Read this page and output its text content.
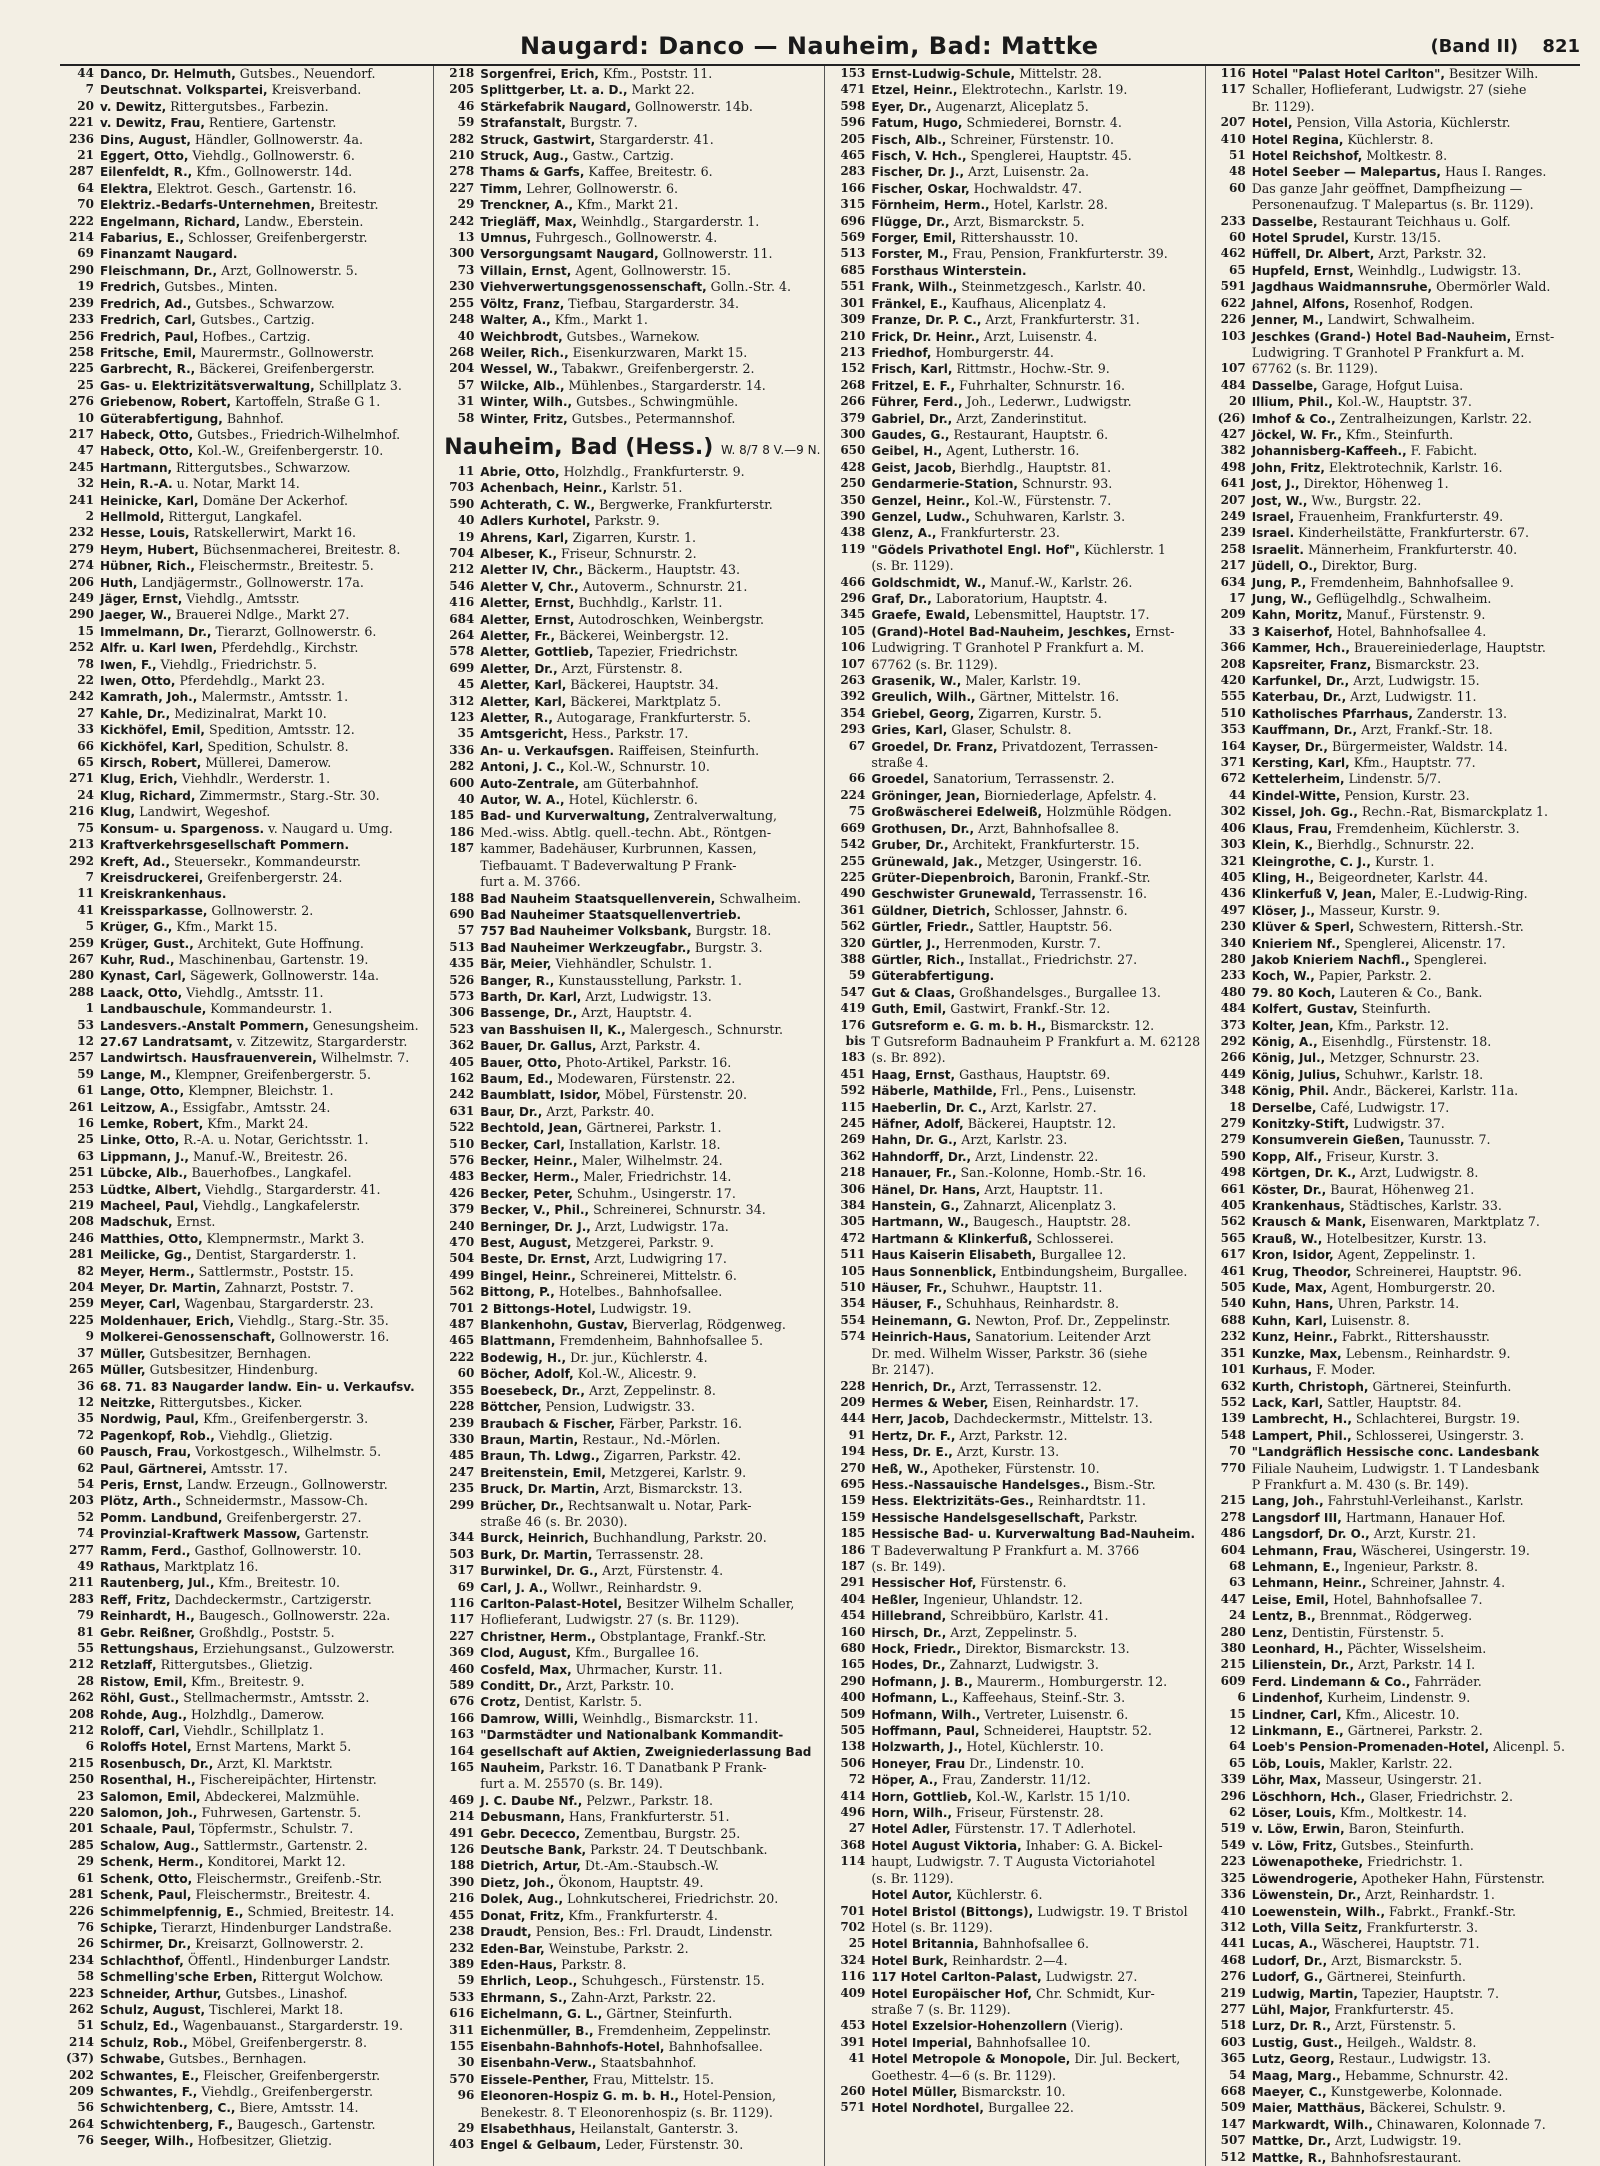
Naugard: Danco — Nauheim, Bad: Mattke	(Band II) 821
44 Danco, Dr. Helmuth, Gutsbes., Neuendorf.
7 Deutschnat. Volkspartei, Kreisverband.
20 v. Dewitz, Rittergutsbes., Farbezin.
221 v. Dewitz, Frau, Rentiere, Gartenstr.
236 Dins, August, Händler, Gollnowerstr. 4a.
21 Eggert, Otto, Viehdlg., Gollnowerstr. 6.
287 Eilenfeldt, R., Kfm., Gollnowerstr. 14d.
64 Elektra, Elektrot. Gesch., Gartenstr. 16.
70 Elektriz.-Bedarfs-Unternehmen, Breitestr.
222 Engelmann, Richard, Landw., Eberstein.
214 Fabarius, E., Schlosser, Greifenbergerstr.
69 Finanzamt Naugard.
290 Fleischmann, Dr., Arzt, Gollnowerstr. 5.
19 Fredrich, Gutsbes., Minten.
239 Fredrich, Ad., Gutsbes., Schwarzow.
233 Fredrich, Carl, Gutsbes., Cartzig.
256 Fredrich, Paul, Hofbes., Cartzig.
258 Fritsche, Emil, Maurermstr., Gollnowerstr.
225 Garbrecht, R., Bäckerei, Greifenbergerstr.
25 Gas- u. Elektrizitätsverwaltung, Schillplatz 3.
276 Griebenow, Robert, Kartoffeln, Straße G 1.
10 Güterabfertigung, Bahnhof.
217 Habeck, Otto, Gutsbes., Friedrich-Wilhelmhof.
47 Habeck, Otto, Kol.-W., Greifenbergerstr. 10.
245 Hartmann, Rittergutsbes., Schwarzow.
32 Hein, R.-A. u. Notar, Markt 14.
241 Heinicke, Karl, Domäne Der Ackerhof.
2 Hellmold, Rittergut, Langkafel.
232 Hesse, Louis, Ratskellerwirt, Markt 16.
279 Heym, Hubert, Büchsenmacherei, Breitestr. 8.
274 Hübner, Rich., Fleischermstr., Breitestr. 5.
206 Huth, Landjägermstr., Gollnowerstr. 17a.
249 Jäger, Ernst, Viehdlg., Amtsstr.
290 Jaeger, W., Brauerei Ndlge., Markt 27.
15 Immelmann, Dr., Tierarzt, Gollnowerstr. 6.
252 Alfr. u. Karl Iwen, Pferdehdlg., Kirchstr.
78 Iwen, F., Viehdlg., Friedrichstr. 5.
22 Iwen, Otto, Pferdehdlg., Markt 23.
242 Kamrath, Joh., Malermstr., Amtsstr. 1.
27 Kahle, Dr., Medizinalrat, Markt 10.
33 Kickhöfel, Emil, Spedition, Amtsstr. 12.
66 Kickhöfel, Karl, Spedition, Schulstr. 8.
65 Kirsch, Robert, Müllerei, Damerow.
271 Klug, Erich, Viehhdlr., Werderstr. 1.
24 Klug, Richard, Zimmermstr., Starg.-Str. 30.
216 Klug, Landwirt, Wegeshof.
75 Konsum- u. Spargenoss. v. Naugard u. Umg.
213 Kraftverkehrsgesellschaft Pommern.
292 Kreft, Ad., Steuersekr., Kommandeurstr.
7 Kreisdruckerei, Greifenbergerstr. 24.
11 Kreiskrankenhaus.
41 Kreissparkasse, Gollnowerstr. 2.
5 Krüger, G., Kfm., Markt 15.
259 Krüger, Gust., Architekt, Gute Hoffnung.
267 Kuhr, Rud., Maschinenbau, Gartenstr. 19.
280 Kynast, Carl, Sägewerk, Gollnowerstr. 14a.
288 Laack, Otto, Viehdlg., Amtsstr. 11.
1 Landbauschule, Kommandeurstr. 1.
53 Landesvers.-Anstalt Pommern, Genesungsheim.
12 27.67 Landratsamt, v. Zitzewitz, Stargarderstr.
257 Landwirtsch. Hausfrauenverein, Wilhelmstr. 7.
59 Lange, M., Klempner, Greifenbergerstr. 5.
61 Lange, Otto, Klempner, Bleichstr. 1.
261 Leitzow, A., Essigfabr., Amtsstr. 24.
16 Lemke, Robert, Kfm., Markt 24.
25 Linke, Otto, R.-A. u. Notar, Gerichtsstr. 1.
63 Lippmann, J., Manuf.-W., Breitestr. 26.
251 Lübcke, Alb., Bauerhofbes., Langkafel.
253 Lüdtke, Albert, Viehdlg., Stargarderstr. 41.
219 Macheel, Paul, Viehdlg., Langkafelerstr.
208 Madschuk, Ernst.
246 Matthies, Otto, Klempnermstr., Markt 3.
281 Meilicke, Gg., Dentist, Stargarderstr. 1.
82 Meyer, Herm., Sattlermstr., Poststr. 15.
204 Meyer, Dr. Martin, Zahnarzt, Poststr. 7.
259 Meyer, Carl, Wagenbau, Stargarderstr. 23.
225 Moldenhauer, Erich, Viehdlg., Starg.-Str. 35.
9 Molkerei-Genossenschaft, Gollnowerstr. 16.
37 Müller, Gutsbesitzer, Bernhagen.
265 Müller, Gutsbesitzer, Hindenburg.
36 68. 71. 83 Naugarder landw. Ein- u. Verkaufsv.
12 Neitzke, Rittergutsbes., Kicker.
35 Nordwig, Paul, Kfm., Greifenbergerstr. 3.
72 Pagenkopf, Rob., Viehdlg., Glietzig.
60 Pausch, Frau, Vorkostgesch., Wilhelmstr. 5.
62 Paul, Gärtnerei, Amtsstr. 17.
54 Peris, Ernst, Landw. Erzeugn., Gollnowerstr.
203 Plötz, Arth., Schneidermstr., Massow-Ch.
52 Pomm. Landbund, Greifenbergerstr. 27.
74 Provinzial-Kraftwerk Massow, Gartenstr.
277 Ramm, Ferd., Gasthof, Gollnowerstr. 10.
49 Rathaus, Marktplatz 16.
211 Rautenberg, Jul., Kfm., Breitestr. 10.
283 Reff, Fritz, Dachdeckermstr., Cartzigerstr.
79 Reinhardt, H., Baugesch., Gollnowerstr. 22a.
81 Gebr. Reißner, Großhdlg., Poststr. 5.
55 Rettungshaus, Erziehungsanst., Gulzowerstr.
212 Retzlaff, Rittergutsbes., Glietzig.
28 Ristow, Emil, Kfm., Breitestr. 9.
262 Röhl, Gust., Stellmachermstr., Amtsstr. 2.
208 Rohde, Aug., Holzhdlg., Damerow.
212 Roloff, Carl, Viehdlr., Schillplatz 1.
6 Roloffs Hotel, Ernst Martens, Markt 5.
215 Rosenbusch, Dr., Arzt, Kl. Marktstr.
250 Rosenthal, H., Fischereipächter, Hirtenstr.
23 Salomon, Emil, Abdeckerei, Malzmühle.
220 Salomon, Joh., Fuhrwesen, Gartenstr. 5.
201 Schaale, Paul, Töpfermstr., Schulstr. 7.
285 Schalow, Aug., Sattlermstr., Gartenstr. 2.
29 Schenk, Herm., Konditorei, Markt 12.
61 Schenk, Otto, Fleischermstr., Greifenb.-Str.
281 Schenk, Paul, Fleischermstr., Breitestr. 4.
226 Schimmelpfennig, E., Schmied, Breitestr. 14.
76 Schipke, Tierarzt, Hindenburger Landstraße.
26 Schirmer, Dr., Kreisarzt, Gollnowerstr. 2.
234 Schlachthof, Öffentl., Hindenburger Landstr.
58 Schmelling'sche Erben, Rittergut Wolchow.
223 Schneider, Arthur, Gutsbes., Linashof.
262 Schulz, August, Tischlerei, Markt 18.
51 Schulz, Ed., Wagenbauanst., Stargarderstr. 19.
214 Schulz, Rob., Möbel, Greifenbergerstr. 8.
(37) Schwabe, Gutsbes., Bernhagen.
202 Schwantes, E., Fleischer, Greifenbergerstr.
209 Schwantes, F., Viehdlg., Greifenbergerstr.
56 Schwichtenberg, C., Biere, Amtsstr. 14.
264 Schwichtenberg, F., Baugesch., Gartenstr.
76 Seeger, Wilh., Hofbesitzer, Glietzig.
218 Sorgenfrei, Erich, Kfm., Poststr. 11.
205 Splittgerber, Lt. a. D., Markt 22.
46 Stärkefabrik Naugard, Gollnowerstr. 14b.
59 Strafanstalt, Burgstr. 7.
282 Struck, Gastwirt, Stargarderstr. 41.
210 Struck, Aug., Gastw., Cartzig.
278 Thams & Garfs, Kaffee, Breitestr. 6.
227 Timm, Lehrer, Gollnowerstr. 6.
29 Trenckner, A., Kfm., Markt 21.
242 Triegläff, Max, Weinhdlg., Stargarderstr. 1.
13 Umnus, Fuhrgesch., Gollnowerstr. 4.
300 Versorgungsamt Naugard, Gollnowerstr. 11.
73 Villain, Ernst, Agent, Gollnowerstr. 15.
230 Viehverwertungsgenossenschaft, Golln.-Str. 4.
255 Völtz, Franz, Tiefbau, Stargarderstr. 34.
248 Walter, A., Kfm., Markt 1.
40 Weichbrodt, Gutsbes., Warnekow.
268 Weiler, Rich., Eisenkurzwaren, Markt 15.
204 Wessel, W., Tabakwr., Greifenbergerstr. 2.
57 Wilcke, Alb., Mühlenbes., Stargarderstr. 14.
31 Winter, Wilh., Gutsbes., Schwingmühle.
58 Winter, Fritz, Gutsbes., Petermannshof.
Nauheim, Bad (Hess.) W. 8/7 8 V.—9 N.
11 Abrie, Otto, Holzhdlg., Frankfurterstr. 9.
703 Achenbach, Heinr., Karlstr. 51.
590 Achterath, C. W., Bergwerke, Frankfurterstr.
40 Adlers Kurhotel, Parkstr. 9.
19 Ahrens, Karl, Zigarren, Kurstr. 1.
704 Albeser, K., Friseur, Schnurstr. 2.
212 Aletter IV, Chr., Bäckerm., Hauptstr. 43.
546 Aletter V, Chr., Autoverm., Schnurstr. 21.
416 Aletter, Ernst, Buchhdlg., Karlstr. 11.
684 Aletter, Ernst, Autodroschken, Weinbergstr.
264 Aletter, Fr., Bäckerei, Weinbergstr. 12.
578 Aletter, Gottlieb, Tapezier, Friedrichstr.
699 Aletter, Dr., Arzt, Fürstenstr. 8.
45 Aletter, Karl, Bäckerei, Hauptstr. 34.
312 Aletter, Karl, Bäckerei, Marktplatz 5.
123 Aletter, R., Autogarage, Frankfurterstr. 5.
35 Amtsgericht, Hess., Parkstr. 17.
336 An- u. Verkaufsgen. Raiffeisen, Steinfurth.
282 Antoni, J. C., Kol.-W., Schnurstr. 10.
600 Auto-Zentrale, am Güterbahnhof.
40 Autor, W. A., Hotel, Küchlerstr. 6.
185 Bad- und Kurverwaltung, Zentralverwaltung,
186 Med.-wiss. Abtlg. quell.-techn. Abt., Röntgen-
187 kammer, Badehäuser, Kurbrunnen, Kassen,
Tiefbauamt. T Badeverwaltung P Frank-
furt a. M. 3766.
188 Bad Nauheim Staatsquellenverein, Schwalheim.
690 Bad Nauheimer Staatsquellenvertrieb.
57 757 Bad Nauheimer Volksbank, Burgstr. 18.
513 Bad Nauheimer Werkzeugfabr., Burgstr. 3.
435 Bär, Meier, Viehhändler, Schulstr. 1.
526 Banger, R., Kunstausstellung, Parkstr. 1.
573 Barth, Dr. Karl, Arzt, Ludwigstr. 13.
306 Bassenge, Dr., Arzt, Hauptstr. 4.
523 van Basshuisen II, K., Malergesch., Schnurstr.
362 Bauer, Dr. Gallus, Arzt, Parkstr. 4.
405 Bauer, Otto, Photo-Artikel, Parkstr. 16.
162 Baum, Ed., Modewaren, Fürstenstr. 22.
242 Baumblatt, Isidor, Möbel, Fürstenstr. 20.
631 Baur, Dr., Arzt, Parkstr. 40.
522 Bechtold, Jean, Gärtnerei, Parkstr. 1.
510 Becker, Carl, Installation, Karlstr. 18.
576 Becker, Heinr., Maler, Wilhelmstr. 24.
483 Becker, Herm., Maler, Friedrichstr. 14.
426 Becker, Peter, Schuhm., Usingerstr. 17.
379 Becker, V., Phil., Schreinerei, Schnurstr. 34.
240 Berninger, Dr. J., Arzt, Ludwigstr. 17a.
470 Best, August, Metzgerei, Parkstr. 9.
504 Beste, Dr. Ernst, Arzt, Ludwigring 17.
499 Bingel, Heinr., Schreinerei, Mittelstr. 6.
562 Bittong, P., Hotelbes., Bahnhofsallee.
701 2 Bittongs-Hotel, Ludwigstr. 19.
487 Blankenhohn, Gustav, Bierverlag, Rödgenweg.
465 Blattmann, Fremdenheim, Bahnhofsallee 5.
222 Bodewig, H., Dr. jur., Küchlerstr. 4.
60 Böcher, Adolf, Kol.-W., Alicestr. 9.
355 Boesebeck, Dr., Arzt, Zeppelinstr. 8.
228 Böttcher, Pension, Ludwigstr. 33.
239 Braubach & Fischer, Färber, Parkstr. 16.
330 Braun, Martin, Restaur., Nd.-Mörlen.
485 Braun, Th. Ldwg., Zigarren, Parkstr. 42.
247 Breitenstein, Emil, Metzgerei, Karlstr. 9.
235 Bruck, Dr. Martin, Arzt, Bismarckstr. 13.
299 Brücher, Dr., Rechtsanwalt u. Notar, Park-
straße 46 (s. Br. 2030).
344 Burck, Heinrich, Buchhandlung, Parkstr. 20.
503 Burk, Dr. Martin, Terrassenstr. 28.
317 Burwinkel, Dr. G., Arzt, Fürstenstr. 4.
69 Carl, J. A., Wollwr., Reinhardstr. 9.
116 Carlton-Palast-Hotel, Besitzer Wilhelm Schaller,
117 Hoflieferant, Ludwigstr. 27 (s. Br. 1129).
227 Christner, Herm., Obstplantage, Frankf.-Str.
369 Clod, August, Kfm., Burgallee 16.
460 Cosfeld, Max, Uhrmacher, Kurstr. 11.
589 Conditt, Dr., Arzt, Parkstr. 10.
676 Crotz, Dentist, Karlstr. 5.
166 Damrow, Willi, Weinhdlg., Bismarckstr. 11.
163 "Darmstädter und Nationalbank Kommandit-
164 gesellschaft auf Aktien, Zweigniederlassung Bad
165 Nauheim, Parkstr. 16. T Danatbank P Frank-
furt a. M. 25570 (s. Br. 149).
469 J. C. Daube Nf., Pelzwr., Parkstr. 18.
214 Debusmann, Hans, Frankfurterstr. 51.
491 Gebr. Dececco, Zementbau, Burgstr. 25.
126 Deutsche Bank, Parkstr. 24. T Deutschbank.
188 Dietrich, Artur, Dt.-Am.-Staubsch.-W.
390 Dietz, Joh., Ökonom, Hauptstr. 49.
216 Dolek, Aug., Lohnkutscherei, Friedrichstr. 20.
455 Donat, Fritz, Kfm., Frankfurterstr. 4.
238 Draudt, Pension, Bes.: Frl. Draudt, Lindenstr.
232 Eden-Bar, Weinstube, Parkstr. 2.
389 Eden-Haus, Parkstr. 8.
59 Ehrlich, Leop., Schuhgesch., Fürstenstr. 15.
533 Ehrmann, S., Zahn-Arzt, Parkstr. 22.
616 Eichelmann, G. L., Gärtner, Steinfurth.
311 Eichenmüller, B., Fremdenheim, Zeppelinstr.
155 Eisenbahn-Bahnhofs-Hotel, Bahnhofsallee.
30 Eisenbahn-Verw., Staatsbahnhof.
570 Eissele-Penther, Frau, Mittelstr. 15.
96 Eleonoren-Hospiz G. m. b. H., Hotel-Pension,
Benekestr. 8. T Eleonorenhospiz (s. Br. 1129).
29 Elsabethhaus, Heilanstalt, Ganterstr. 3.
403 Engel & Gelbaum, Leder, Fürstenstr. 30.
153 Ernst-Ludwig-Schule, Mittelstr. 28.
471 Etzel, Heinr., Elektrotechn., Karlstr. 19.
598 Eyer, Dr., Augenarzt, Aliceplatz 5.
596 Fatum, Hugo, Schmiederei, Bornstr. 4.
205 Fisch, Alb., Schreiner, Fürstenstr. 10.
465 Fisch, V. Hch., Spenglerei, Hauptstr. 45.
283 Fischer, Dr. J., Arzt, Luisenstr. 2a.
166 Fischer, Oskar, Hochwaldstr. 47.
315 Förnheim, Herm., Hotel, Karlstr. 28.
696 Flügge, Dr., Arzt, Bismarckstr. 5.
569 Forger, Emil, Rittershausstr. 10.
513 Forster, M., Frau, Pension, Frankfurterstr. 39.
685 Forsthaus Winterstein.
551 Frank, Wilh., Steinmetzgesch., Karlstr. 40.
301 Fränkel, E., Kaufhaus, Alicenplatz 4.
309 Franze, Dr. P. C., Arzt, Frankfurterstr. 31.
210 Frick, Dr. Heinr., Arzt, Luisenstr. 4.
213 Friedhof, Homburgerstr. 44.
152 Frisch, Karl, Rittmstr., Hochw.-Str. 9.
268 Fritzel, E. F., Fuhrhalter, Schnurstr. 16.
266 Führer, Ferd., Joh., Lederwr., Ludwigstr.
379 Gabriel, Dr., Arzt, Zanderinstitut.
300 Gaudes, G., Restaurant, Hauptstr. 6.
650 Geibel, H., Agent, Lutherstr. 16.
428 Geist, Jacob, Bierhdlg., Hauptstr. 81.
250 Gendarmerie-Station, Schnurstr. 93.
350 Genzel, Heinr., Kol.-W., Fürstenstr. 7.
390 Genzel, Ludw., Schuhwaren, Karlstr. 3.
438 Glenz, A., Frankfurterstr. 23.
119 "Gödels Privathotel Engl. Hof", Küchlerstr. 1
(s. Br. 1129).
466 Goldschmidt, W., Manuf.-W., Karlstr. 26.
296 Graf, Dr., Laboratorium, Hauptstr. 4.
345 Graefe, Ewald, Lebensmittel, Hauptstr. 17.
105 (Grand)-Hotel Bad-Nauheim, Jeschkes, Ernst-
106 Ludwigring. T Granhotel P Frankfurt a. M.
107 67762 (s. Br. 1129).
263 Grasenik, W., Maler, Karlstr. 19.
392 Greulich, Wilh., Gärtner, Mittelstr. 16.
354 Griebel, Georg, Zigarren, Kurstr. 5.
293 Gries, Karl, Glaser, Schulstr. 8.
67 Groedel, Dr. Franz, Privatdozent, Terrassen-
straße 4.
66 Groedel, Sanatorium, Terrassenstr. 2.
224 Gröninger, Jean, Biorniederlage, Apfelstr. 4.
75 Großwäscherei Edelweiß, Holzmühle Rödgen.
669 Grothusen, Dr., Arzt, Bahnhofsallee 8.
542 Gruber, Dr., Architekt, Frankfurterstr. 15.
255 Grünewald, Jak., Metzger, Usingerstr. 16.
225 Grüter-Diepenbroich, Baronin, Frankf.-Str.
490 Geschwister Grunewald, Terrassenstr. 16.
361 Güldner, Dietrich, Schlosser, Jahnstr. 6.
562 Gürtler, Friedr., Sattler, Hauptstr. 56.
320 Gürtler, J., Herrenmoden, Kurstr. 7.
388 Gürtler, Rich., Installat., Friedrichstr. 27.
59 Güterabfertigung.
547 Gut & Claas, Großhandelsges., Burgallee 13.
419 Guth, Emil, Gastwirt, Frankf.-Str. 12.
176 Gutsreform e. G. m. b. H., Bismarckstr. 12.
bis T Gutsreform Badnauheim P Frankfurt a. M. 62128
183 (s. Br. 892).
451 Haag, Ernst, Gasthaus, Hauptstr. 69.
592 Häberle, Mathilde, Frl., Pens., Luisenstr.
115 Haeberlin, Dr. C., Arzt, Karlstr. 27.
245 Häfner, Adolf, Bäckerei, Hauptstr. 12.
269 Hahn, Dr. G., Arzt, Karlstr. 23.
362 Hahndorff, Dr., Arzt, Lindenstr. 22.
218 Hanauer, Fr., San.-Kolonne, Homb.-Str. 16.
306 Hänel, Dr. Hans, Arzt, Hauptstr. 11.
384 Hanstein, G., Zahnarzt, Alicenplatz 3.
305 Hartmann, W., Baugesch., Hauptstr. 28.
472 Hartmann & Klinkerfuß, Schlosserei.
511 Haus Kaiserin Elisabeth, Burgallee 12.
105 Haus Sonnenblick, Entbindungsheim, Burgallee.
510 Häuser, Fr., Schuhwr., Hauptstr. 11.
354 Häuser, F., Schuhhaus, Reinhardstr. 8.
554 Heinemann, G. Newton, Prof. Dr., Zeppelinstr.
574 Heinrich-Haus, Sanatorium. Leitender Arzt
Dr. med. Wilhelm Wisser, Parkstr. 36 (siehe
Br. 2147).
228 Henrich, Dr., Arzt, Terrassenstr. 12.
209 Hermes & Weber, Eisen, Reinhardstr. 17.
444 Herr, Jacob, Dachdeckermstr., Mittelstr. 13.
91 Hertz, Dr. F., Arzt, Parkstr. 12.
194 Hess, Dr. E., Arzt, Kurstr. 13.
270 Heß, W., Apotheker, Fürstenstr. 10.
695 Hess.-Nassauische Handelsges., Bism.-Str.
159 Hess. Elektrizitäts-Ges., Reinhardtstr. 11.
159 Hessische Handelsgesellschaft, Parkstr.
185 Hessische Bad- u. Kurverwaltung Bad-Nauheim.
186 T Badeverwaltung P Frankfurt a. M. 3766
187 (s. Br. 149).
291 Hessischer Hof, Fürstenstr. 6.
404 Heßler, Ingenieur, Uhlandstr. 12.
454 Hillebrand, Schreibbüro, Karlstr. 41.
160 Hirsch, Dr., Arzt, Zeppelinstr. 5.
680 Hock, Friedr., Direktor, Bismarckstr. 13.
165 Hodes, Dr., Zahnarzt, Ludwigstr. 3.
290 Hofmann, J. B., Maurerm., Homburgerstr. 12.
400 Hofmann, L., Kaffeehaus, Steinf.-Str. 3.
509 Hofmann, Wilh., Vertreter, Luisenstr. 6.
505 Hoffmann, Paul, Schneiderei, Hauptstr. 52.
138 Holzwarth, J., Hotel, Küchlerstr. 10.
506 Honeyer, Frau Dr., Lindenstr. 10.
72 Höper, A., Frau, Zanderstr. 11/12.
414 Horn, Gottlieb, Kol.-W., Karlstr. 15 1/10.
496 Horn, Wilh., Friseur, Fürstenstr. 28.
27 Hotel Adler, Fürstenstr. 17. T Adlerhotel.
368 Hotel August Viktoria, Inhaber: G. A. Bickel-
114 haupt, Ludwigstr. 7. T Augusta Victoriahotel
(s. Br. 1129).
Hotel Autor, Küchlerstr. 6.
701 Hotel Bristol (Bittongs), Ludwigstr. 19. T Bristol
702 Hotel (s. Br. 1129).
25 Hotel Britannia, Bahnhofsallee 6.
324 Hotel Burk, Reinhardstr. 2—4.
116 117 Hotel Carlton-Palast, Ludwigstr. 27.
409 Hotel Europäischer Hof, Chr. Schmidt, Kur-
straße 7 (s. Br. 1129).
453 Hotel Exzelsior-Hohenzollern (Vierig).
391 Hotel Imperial, Bahnhofsallee 10.
41 Hotel Metropole & Monopole, Dir. Jul. Beckert,
Goethestr. 4—6 (s. Br. 1129).
260 Hotel Müller, Bismarckstr. 10.
571 Hotel Nordhotel, Burgallee 22.
116 Hotel "Palast Hotel Carlton", Besitzer Wilh.
117 Schaller, Hoflieferant, Ludwigstr. 27 (siehe
Br. 1129).
207 Hotel, Pension, Villa Astoria, Küchlerstr.
410 Hotel Regina, Küchlerstr. 8.
51 Hotel Reichshof, Moltkestr. 8.
48 Hotel Seeber — Malepartus, Haus I. Ranges.
60 Das ganze Jahr geöffnet, Dampfheizung —
Personenaufzug. T Malepartus (s. Br. 1129).
233 Dasselbe, Restaurant Teichhaus u. Golf.
60 Hotel Sprudel, Kurstr. 13/15.
462 Hüffell, Dr. Albert, Arzt, Parkstr. 32.
65 Hupfeld, Ernst, Weinhdlg., Ludwigstr. 13.
591 Jagdhaus Waidmannsruhe, Obermörler Wald.
622 Jahnel, Alfons, Rosenhof, Rodgen.
226 Jenner, M., Landwirt, Schwalheim.
103 Jeschkes (Grand-) Hotel Bad-Nauheim, Ernst-
Ludwigring. T Granhotel P Frankfurt a. M.
107 67762 (s. Br. 1129).
484 Dasselbe, Garage, Hofgut Luisa.
20 Illium, Phil., Kol.-W., Hauptstr. 37.
(26) Imhof & Co., Zentralheizungen, Karlstr. 22.
427 Jöckel, W. Fr., Kfm., Steinfurth.
382 Johannisberg-Kaffeeh., F. Fabicht.
498 John, Fritz, Elektrotechnik, Karlstr. 16.
641 Jost, J., Direktor, Höhenweg 1.
207 Jost, W., Ww., Burgstr. 22.
249 Israel, Frauenheim, Frankfurterstr. 49.
239 Israel. Kinderheilstätte, Frankfurterstr. 67.
258 Israelit. Männerheim, Frankfurterstr. 40.
217 Jüdell, O., Direktor, Burg.
634 Jung, P., Fremdenheim, Bahnhofsallee 9.
17 Jung, W., Geflügelhdlg., Schwalheim.
209 Kahn, Moritz, Manuf., Fürstenstr. 9.
33 3 Kaiserhof, Hotel, Bahnhofsallee 4.
366 Kammer, Hch., Brauereiniederlage, Hauptstr.
208 Kapsreiter, Franz, Bismarckstr. 23.
420 Karfunkel, Dr., Arzt, Ludwigstr. 15.
555 Katerbau, Dr., Arzt, Ludwigstr. 11.
510 Katholisches Pfarrhaus, Zanderstr. 13.
353 Kauffmann, Dr., Arzt, Frankf.-Str. 18.
164 Kayser, Dr., Bürgermeister, Waldstr. 14.
371 Kersting, Karl, Kfm., Hauptstr. 77.
672 Kettelerheim, Lindenstr. 5/7.
44 Kindel-Witte, Pension, Kurstr. 23.
302 Kissel, Joh. Gg., Rechn.-Rat, Bismarckplatz 1.
406 Klaus, Frau, Fremdenheim, Küchlerstr. 3.
303 Klein, K., Bierhdlg., Schnurstr. 22.
321 Kleingrothe, C. J., Kurstr. 1.
405 Kling, H., Beigeordneter, Karlstr. 44.
436 Klinkerfuß V, Jean, Maler, E.-Ludwig-Ring.
497 Klöser, J., Masseur, Kurstr. 9.
230 Klüver & Sperl, Schwestern, Rittersh.-Str.
340 Knieriem Nf., Spenglerei, Alicenstr. 17.
280 Jakob Knieriem Nachfl., Spenglerei.
233 Koch, W., Papier, Parkstr. 2.
480 79. 80 Koch, Lauteren & Co., Bank.
484 Kolfert, Gustav, Steinfurth.
373 Kolter, Jean, Kfm., Parkstr. 12.
292 König, A., Eisenhdlg., Fürstenstr. 18.
266 König, Jul., Metzger, Schnurstr. 23.
449 König, Julius, Schuhwr., Karlstr. 18.
348 König, Phil. Andr., Bäckerei, Karlstr. 11a.
18 Derselbe, Café, Ludwigstr. 17.
279 Konitzky-Stift, Ludwigstr. 37.
279 Konsumverein Gießen, Taunusstr. 7.
590 Kopp, Alf., Friseur, Kurstr. 3.
498 Körtgen, Dr. K., Arzt, Ludwigstr. 8.
661 Köster, Dr., Baurat, Höhenweg 21.
405 Krankenhaus, Städtisches, Karlstr. 33.
562 Krausch & Mank, Eisenwaren, Marktplatz 7.
565 Krauß, W., Hotelbesitzer, Kurstr. 13.
617 Kron, Isidor, Agent, Zeppelinstr. 1.
461 Krug, Theodor, Schreinerei, Hauptstr. 96.
505 Kude, Max, Agent, Homburgerstr. 20.
540 Kuhn, Hans, Uhren, Parkstr. 14.
688 Kuhn, Karl, Luisenstr. 8.
232 Kunz, Heinr., Fabrkt., Rittershausstr.
351 Kunzke, Max, Lebensm., Reinhardstr. 9.
101 Kurhaus, F. Moder.
632 Kurth, Christoph, Gärtnerei, Steinfurth.
552 Lack, Karl, Sattler, Hauptstr. 84.
139 Lambrecht, H., Schlachterei, Burgstr. 19.
548 Lampert, Phil., Schlosserei, Usingerstr. 3.
70 "Landgräflich Hessische conc. Landesbank
770 Filiale Nauheim, Ludwigstr. 1. T Landesbank
P Frankfurt a. M. 430 (s. Br. 149).
215 Lang, Joh., Fahrstuhl-Verleihanst., Karlstr.
278 Langsdorf III, Hartmann, Hanauer Hof.
486 Langsdorf, Dr. O., Arzt, Kurstr. 21.
604 Lehmann, Frau, Wäscherei, Usingerstr. 19.
68 Lehmann, E., Ingenieur, Parkstr. 8.
63 Lehmann, Heinr., Schreiner, Jahnstr. 4.
447 Leise, Emil, Hotel, Bahnhofsallee 7.
24 Lentz, B., Brennmat., Rödgerweg.
280 Lenz, Dentistin, Fürstenstr. 5.
380 Leonhard, H., Pächter, Wisselsheim.
215 Lilienstein, Dr., Arzt, Parkstr. 14 I.
609 Ferd. Lindemann & Co., Fahrräder.
6 Lindenhof, Kurheim, Lindenstr. 9.
15 Lindner, Carl, Kfm., Alicestr. 10.
12 Linkmann, E., Gärtnerei, Parkstr. 2.
64 Loeb's Pension-Promenaden-Hotel, Alicenpl. 5.
65 Löb, Louis, Makler, Karlstr. 22.
339 Löhr, Max, Masseur, Usingerstr. 21.
296 Löschhorn, Hch., Glaser, Friedrichstr. 2.
62 Löser, Louis, Kfm., Moltkestr. 14.
519 v. Löw, Erwin, Baron, Steinfurth.
549 v. Löw, Fritz, Gutsbes., Steinfurth.
223 Löwenapotheke, Friedrichstr. 1.
325 Löwendrogerie, Apotheker Hahn, Fürstenstr.
336 Löwenstein, Dr., Arzt, Reinhardstr. 1.
410 Loewenstein, Wilh., Fabrkt., Frankf.-Str.
312 Loth, Villa Seitz, Frankfurterstr. 3.
441 Lucas, A., Wäscherei, Hauptstr. 71.
468 Ludorf, Dr., Arzt, Bismarckstr. 5.
276 Ludorf, G., Gärtnerei, Steinfurth.
219 Ludwig, Martin, Tapezier, Hauptstr. 7.
277 Lühl, Major, Frankfurterstr. 45.
518 Lurz, Dr. R., Arzt, Fürstenstr. 5.
603 Lustig, Gust., Heilgeh., Waldstr. 8.
365 Lutz, Georg, Restaur., Ludwigstr. 13.
54 Maag, Marg., Hebamme, Schnurstr. 42.
668 Maeyer, C., Kunstgewerbe, Kolonnade.
509 Maier, Matthäus, Bäckerei, Schulstr. 9.
147 Markwardt, Wilh., Chinawaren, Kolonnade 7.
507 Mattke, Dr., Arzt, Ludwigstr. 19.
512 Mattke, R., Bahnhofsrestaurant.
